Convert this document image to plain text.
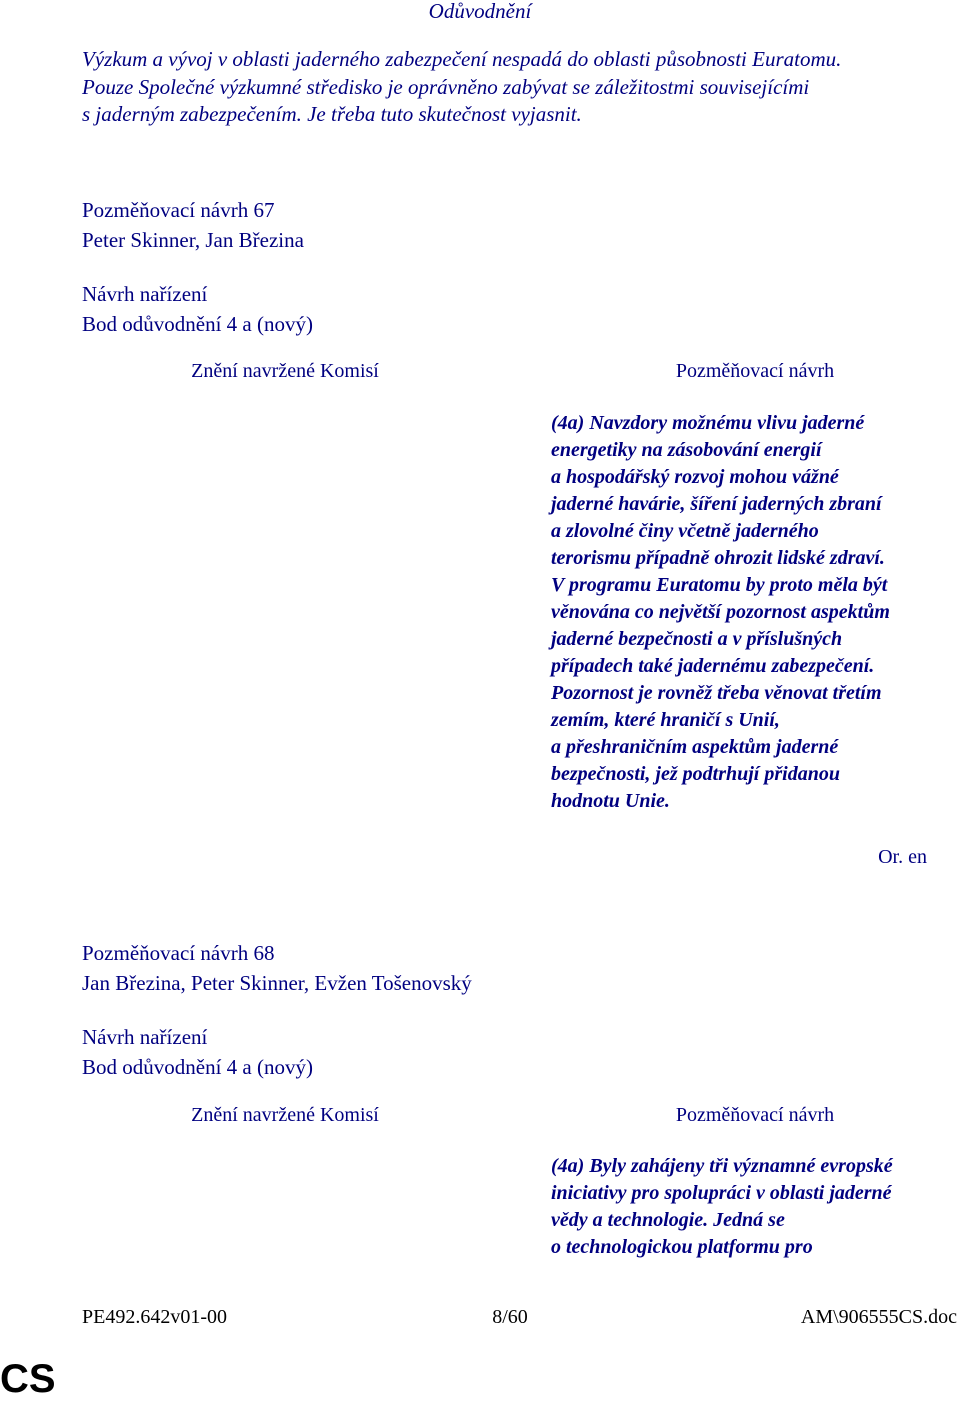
Odůvodnění
Výzkum a vývoj v oblasti jaderného zabezpečení nespadá do oblasti působnosti Euratomu.
Pouze Společné výzkumné středisko je oprávněno zabývat se záležitostmi souvisejícími
s jaderným zabezpečením. Je třeba tuto skutečnost vyjasnit.
Pozměňovací návrh 67
Peter Skinner, Jan Březina
Návrh nařízení
Bod odůvodnění 4 a (nový)
Znění navržené Komisí	Pozměňovací návrh
(4a) Navzdory možnému vlivu jaderné
energetiky na zásobování energií
a hospodářský rozvoj mohou vážné
jaderné havárie, šíření jaderných zbraní
a zlovolné činy včetně jaderného
terorismu případně ohrozit lidské zdraví.
V programu Euratomu by proto měla být
věnována co největší pozornost aspektům
jaderné bezpečnosti a v příslušných
případech také jadernému zabezpečení.
Pozornost je rovněž třeba věnovat třetím
zemím, které hraničí s Unií,
a přeshraničním aspektům jaderné
bezpečnosti, jež podtrhují přidanou
hodnotu Unie.
Or. en
Pozměňovací návrh 68
Jan Březina, Peter Skinner, Evžen Tošenovský
Návrh nařízení
Bod odůvodnění 4 a (nový)
Znění navržené Komisí	Pozměňovací návrh
(4a) Byly zahájeny tři významné evropské
iniciativy pro spolupráci v oblasti jaderné
vědy a technologie. Jedná se
o technologickou platformu pro
PE492.642v01-00	8/60	AM\906555CS.doc
CS
